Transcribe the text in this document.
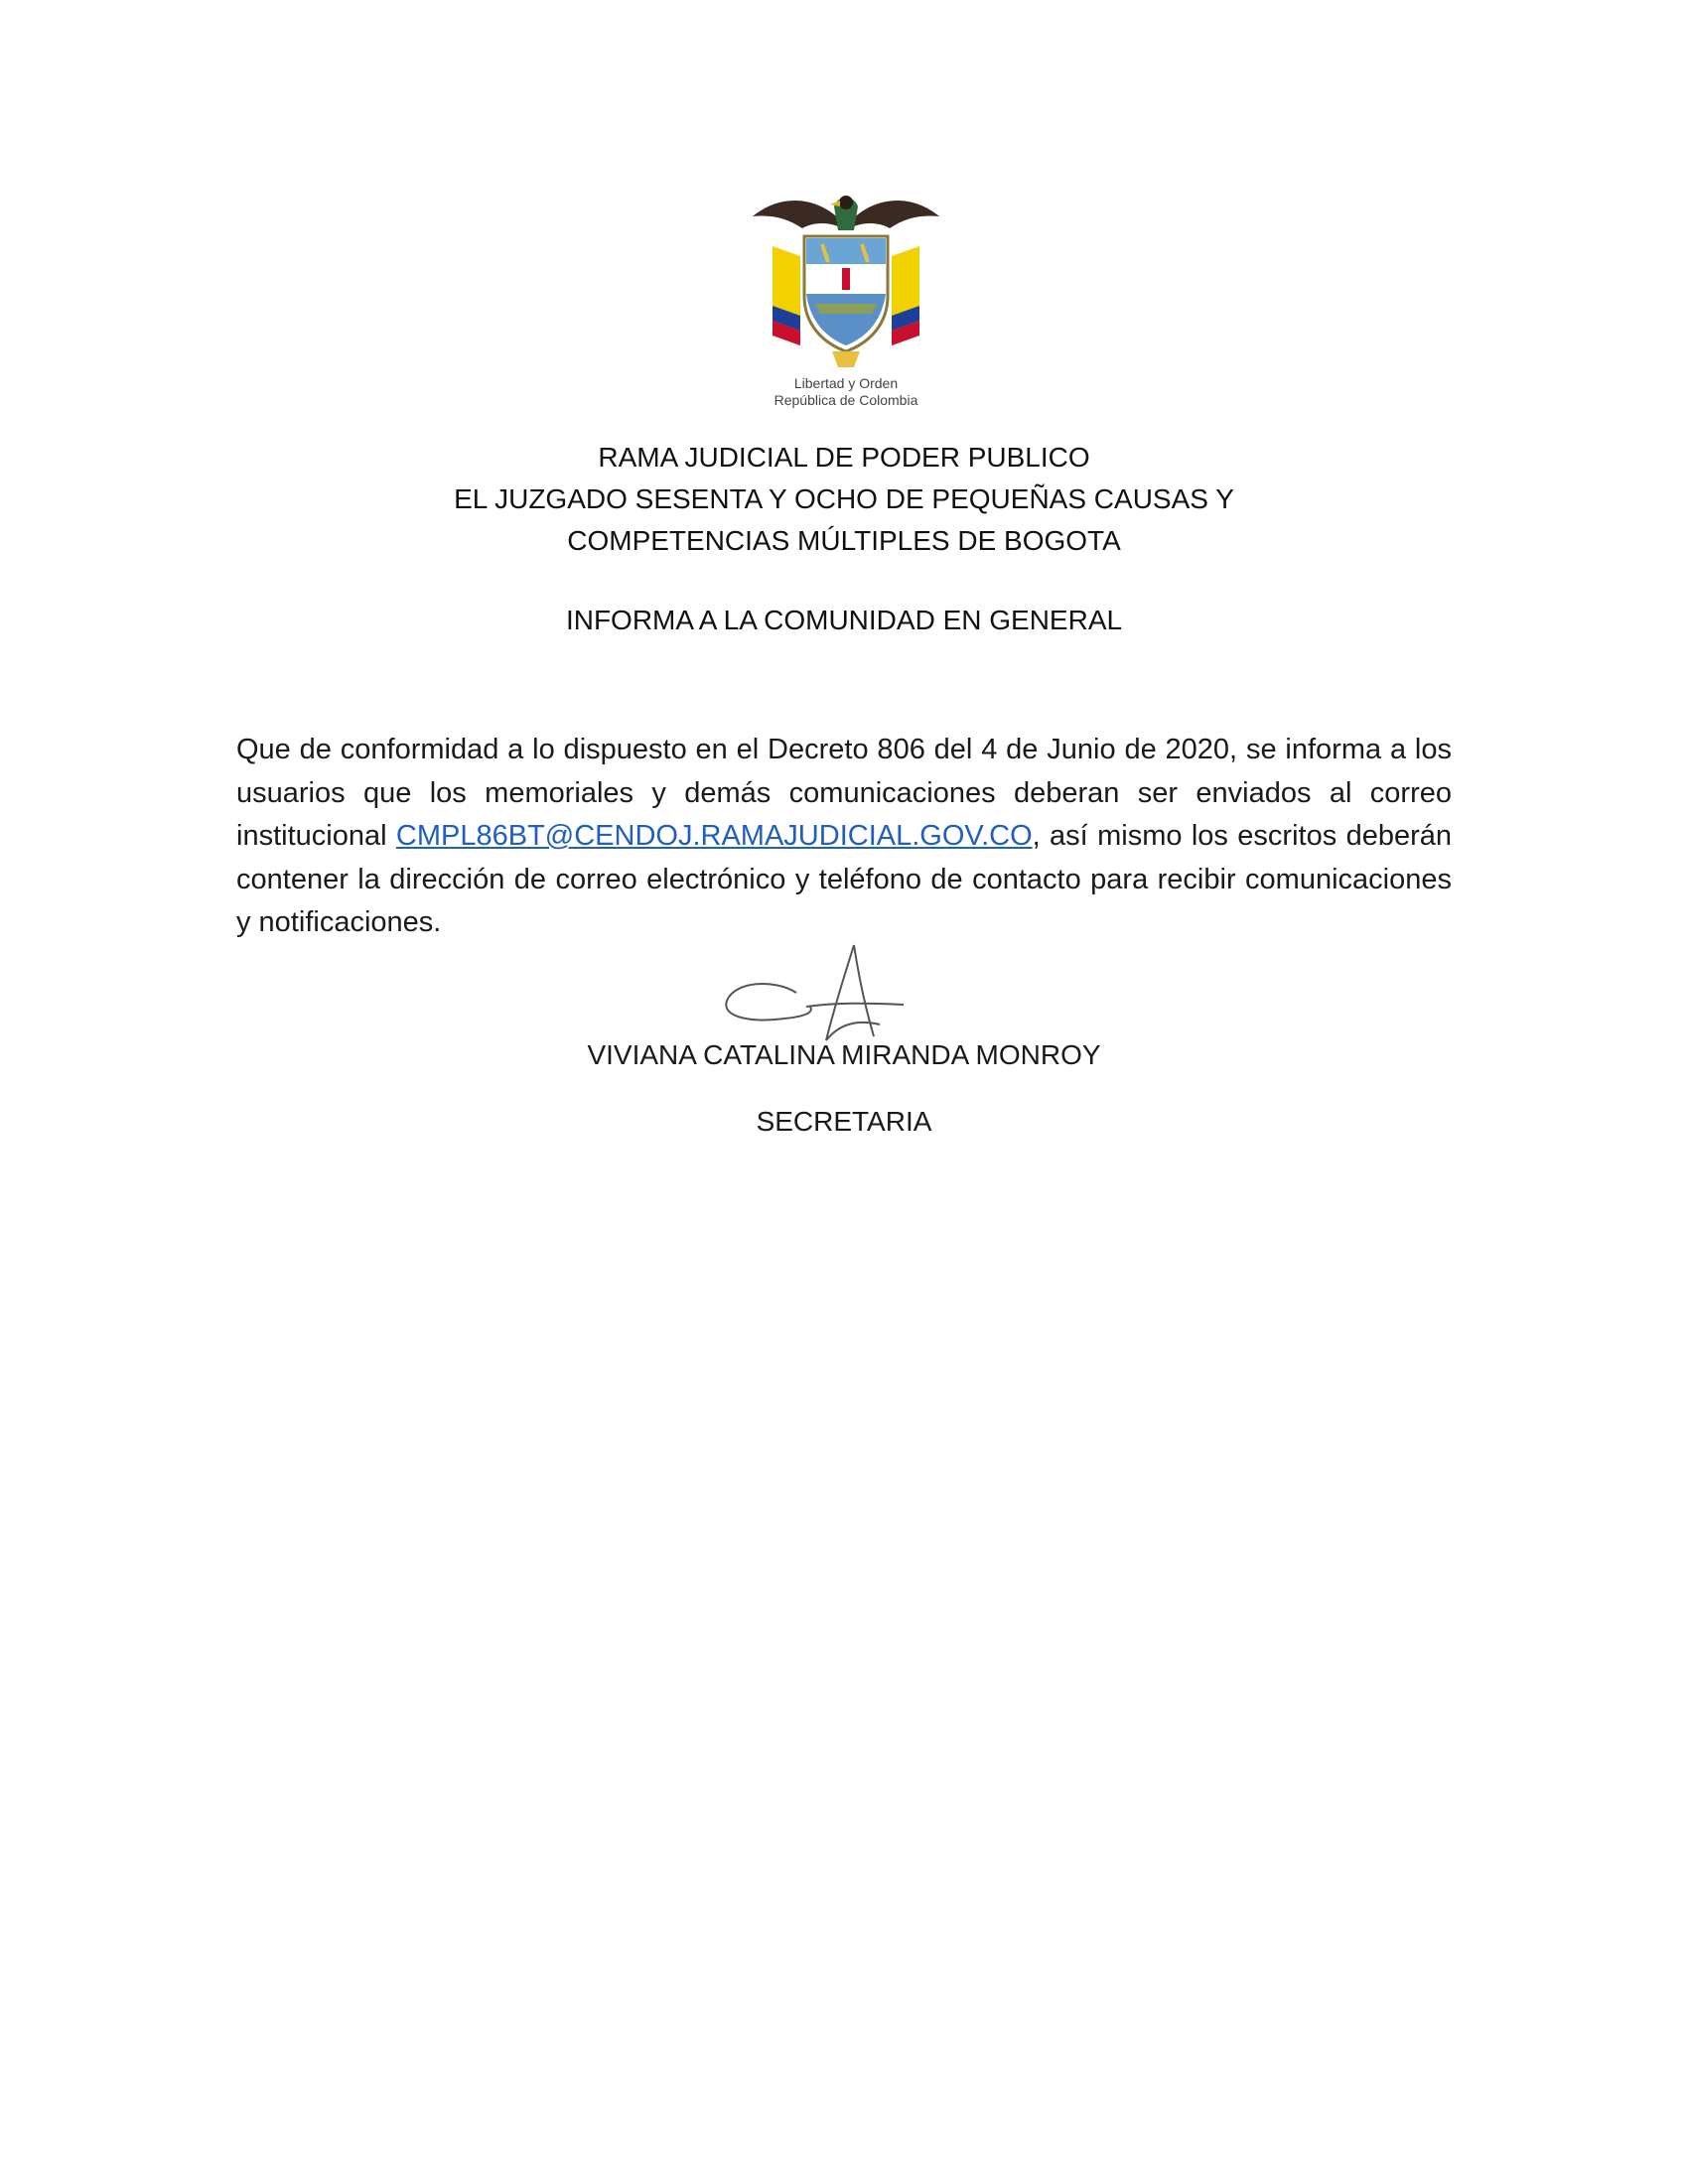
Libertad y Orden
República de Colombia
RAMA JUDICIAL DE PODER PUBLICO
EL JUZGADO SESENTA Y OCHO DE PEQUEÑAS CAUSAS Y
COMPETENCIAS MÚLTIPLES DE BOGOTA
INFORMA A LA COMUNIDAD EN GENERAL

Que de conformidad a lo dispuesto en el Decreto 806 del 4 de Junio de 2020, se informa a los usuarios que los memoriales y demás comunicaciones deberan ser enviados al correo institucional CMPL86BT@CENDOJ.RAMAJUDICIAL.GOV.CO, así mismo los escritos deberán contener la dirección de correo electrónico y teléfono de contacto para recibir comunicaciones y notificaciones.

VIVIANA CATALINA MIRANDA MONROY
SECRETARIA
